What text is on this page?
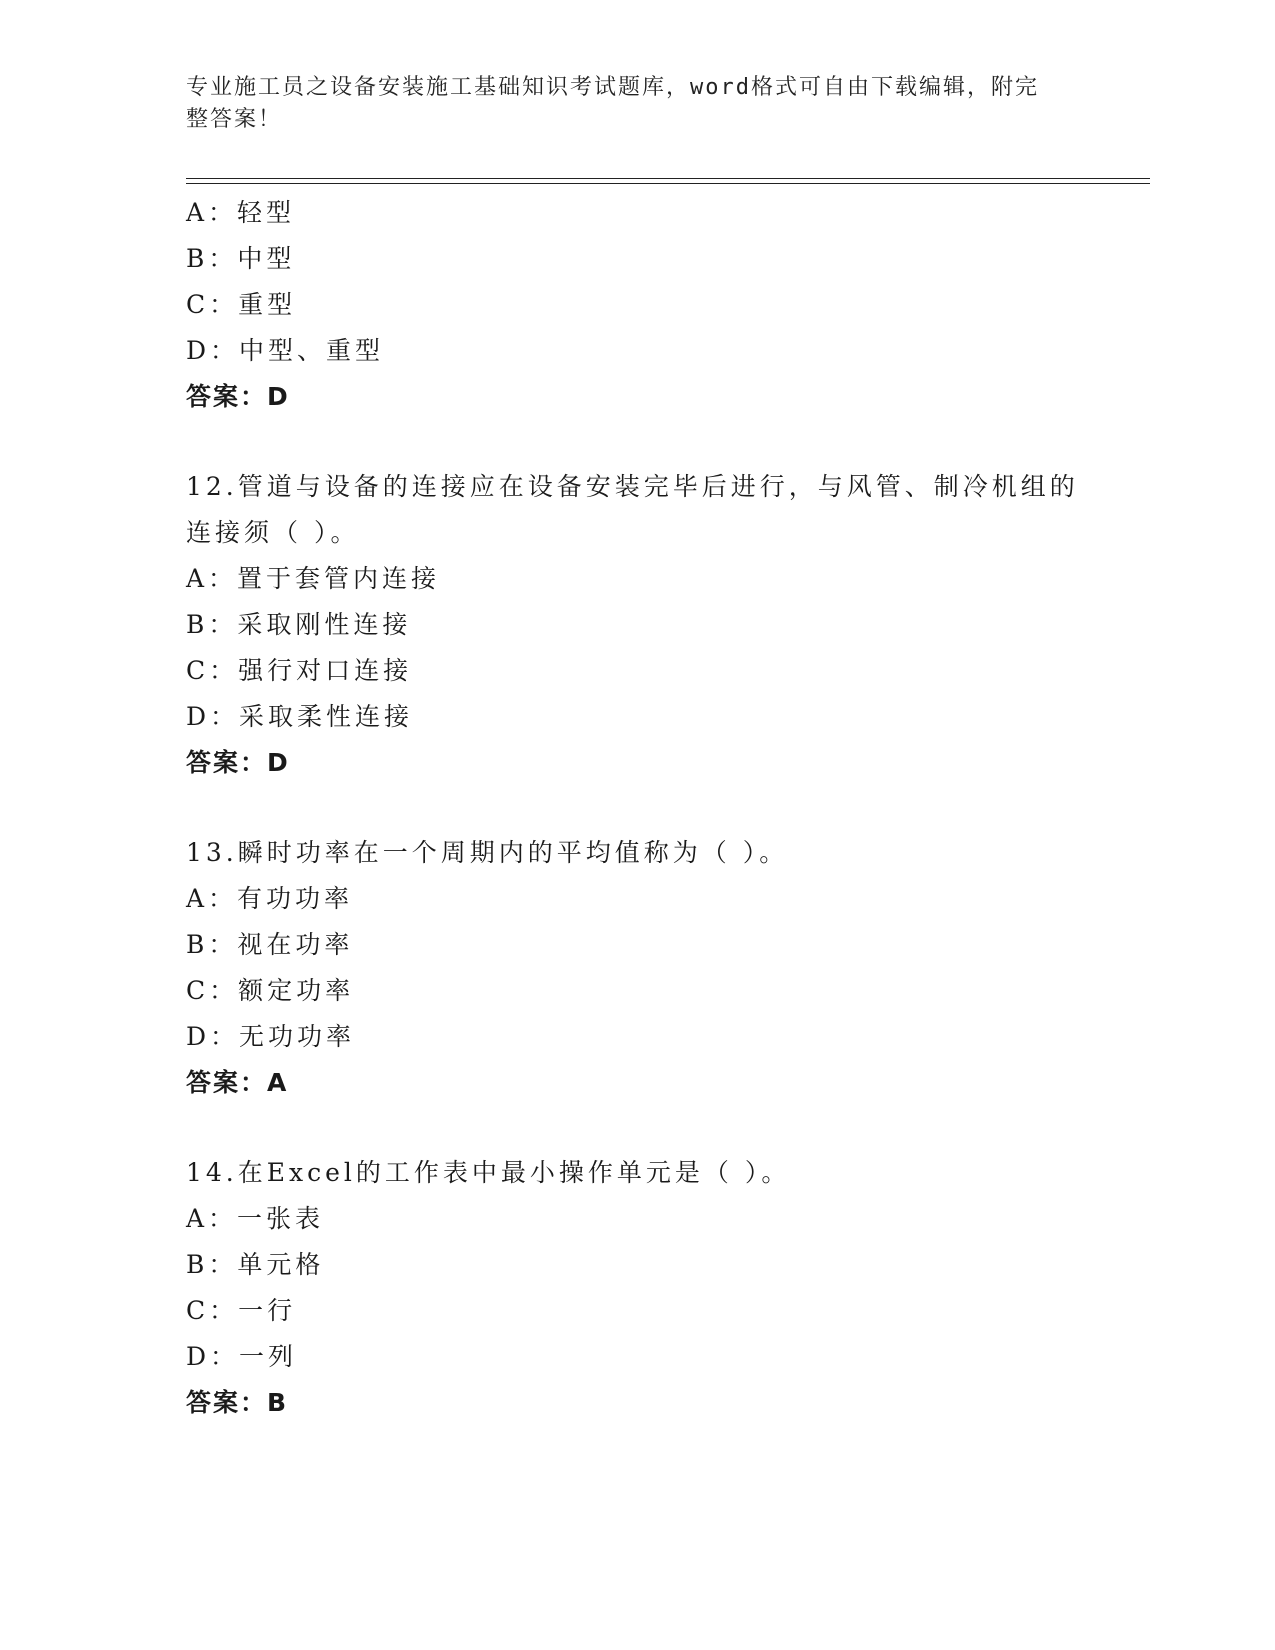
专业施工员之设备安装施工基础知识考试题库，word格式可自由下载编辑，附完
整答案！
A：轻型
B：中型
C：重型
D：中型、重型
答案：D
12.管道与设备的连接应在设备安装完毕后进行，与风管、制冷机组的
连接须（ ）。
A：置于套管内连接
B：采取刚性连接
C：强行对口连接
D：采取柔性连接
答案：D
13.瞬时功率在一个周期内的平均值称为（ ）。
A：有功功率
B：视在功率
C：额定功率
D：无功功率
答案：A
14.在Excel的工作表中最小操作单元是（ ）。
A：一张表
B：单元格
C：一行
D：一列
答案：B
